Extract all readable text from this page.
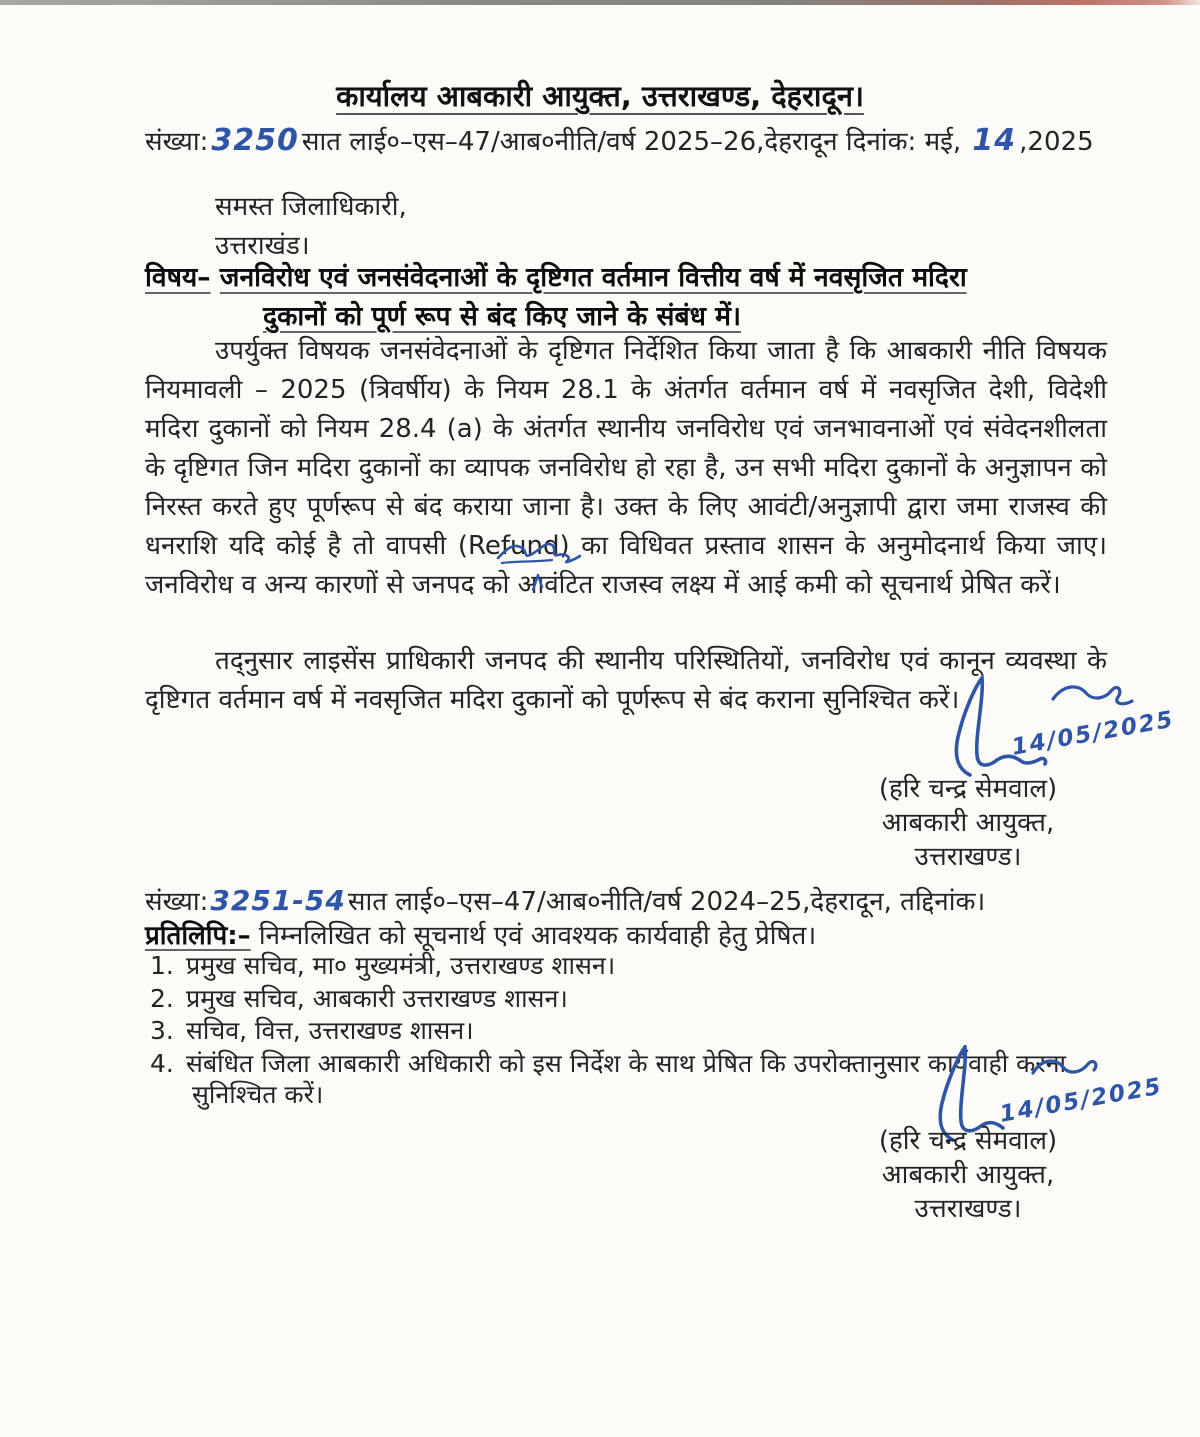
कार्यालय आबकारी आयुक्त, उत्तराखण्ड, देहरादून।
संख्या: 3250 सात लाई०–एस–47/आब०नीति/वर्ष 2025–26,देहरादून दिनांक: मई, 14 ,2025
समस्त जिलाधिकारी,
उत्तराखंड।
विषय– जनविरोध एवं जनसंवेदनाओं के दृष्टिगत वर्तमान वित्तीय वर्ष में नवसृजित मदिरा
दुकानों को पूर्ण रूप से बंद किए जाने के संबंध में।
उपर्युक्त विषयक जनसंवेदनाओं के दृष्टिगत निर्देशित किया जाता है कि आबकारी नीति विषयक नियमावली – 2025 (त्रिवर्षीय) के नियम 28.1 के अंतर्गत वर्तमान वर्ष में नवसृजित देशी, विदेशी मदिरा दुकानों को नियम 28.4 (a) के अंतर्गत स्थानीय जनविरोध एवं जनभावनाओं एवं संवेदनशीलता के दृष्टिगत जिन मदिरा दुकानों का व्यापक जनविरोध हो रहा है, उन सभी मदिरा दुकानों के अनुज्ञापन को निरस्त करते हुए पूर्णरूप से बंद कराया जाना है। उक्त के लिए आवंटी/अनुज्ञापी द्वारा जमा राजस्व की धनराशि यदि कोई है तो वापसी (Refund) का विधिवत प्रस्ताव शासन के अनुमोदनार्थ किया जाए। जनविरोध व अन्य कारणों से जनपद को आवंटित राजस्व लक्ष्य में आई कमी को सूचनार्थ प्रेषित करें।
तद्नुसार लाइसेंस प्राधिकारी जनपद की स्थानीय परिस्थितियों, जनविरोध एवं कानून व्यवस्था के दृष्टिगत वर्तमान वर्ष में नवसृजित मदिरा दुकानों को पूर्णरूप से बंद कराना सुनिश्चित करें।
14/05/2025
(हरि चन्द्र सेमवाल)
आबकारी आयुक्त,
उत्तराखण्ड।
संख्या:3251-54सात लाई०–एस–47/आब०नीति/वर्ष 2024–25,देहरादून, तद्दिनांक।
प्रतिलिपि:– निम्नलिखित को सूचनार्थ एवं आवश्यक कार्यवाही हेतु प्रेषित।
1. प्रमुख सचिव, मा० मुख्यमंत्री, उत्तराखण्ड शासन।
2. प्रमुख सचिव, आबकारी उत्तराखण्ड शासन।
3. सचिव, वित्त, उत्तराखण्ड शासन।
4. संबंधित जिला आबकारी अधिकारी को इस निर्देश के साथ प्रेषित कि उपरोक्तानुसार कार्यवाही करना सुनिश्चित करें।	14/05/2025
(हरि चन्द्र सेमवाल)
आबकारी आयुक्त,
उत्तराखण्ड।
